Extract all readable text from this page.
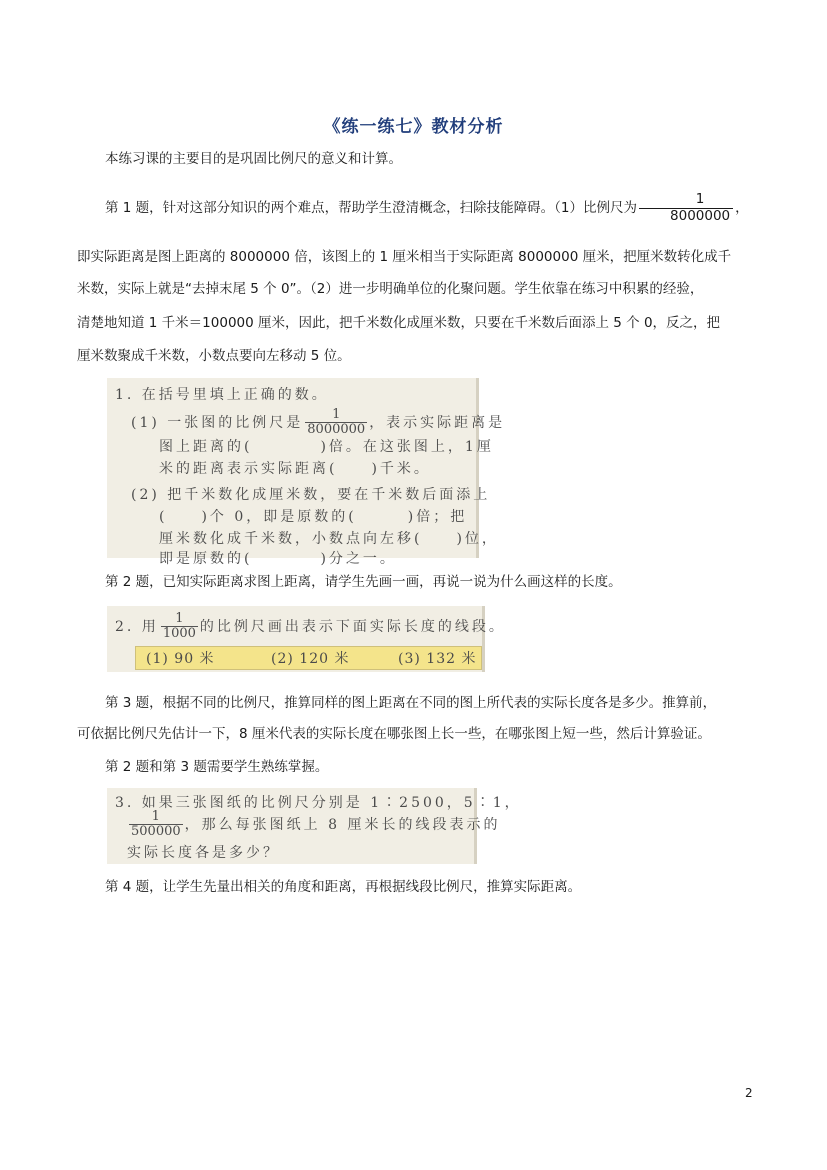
《练一练七》教材分析

本练习课的主要目的是巩固比例尺的意义和计算。

第 1 题，针对这部分知识的两个难点，帮助学生澄清概念，扫除技能障碍。（1）比例尺为 $\frac{1}{8000000}$ ，

即实际距离是图上距离的 8000000 倍，该图上的 1 厘米相当于实际距离 8000000 厘米，把厘米数转化成千

米数，实际上就是“去掉末尾 5 个 0”。（2）进一步明确单位的化聚问题。学生依靠在练习中积累的经验，

清楚地知道 1 千米＝100000 厘米，因此，把千米数化成厘米数，只要在千米数后面添上 5 个 0，反之，把

厘米数聚成千米数，小数点要向左移动 5 位。

1. 在括号里填上正确的数。
(1) 一张图的比例尺是 $\frac{1}{8000000}$ ，表示实际距离是
图上距离的(　　　　)倍。在这张图上，1厘
米的距离表示实际距离(　　)千米。
(2) 把千米数化成厘米数，要在千米数后面添上
(　　)个 0，即是原数的(　　　)倍；把
厘米数化成千米数，小数点向左移(　　)位，
即是原数的(　　　　)分之一。

第 2 题，已知实际距离求图上距离，请学生先画一画，再说一说为什么画这样的长度。

2. 用 $\frac{1}{1000}$ 的比例尺画出表示下面实际长度的线段。
(1) 90 米	(2) 120 米	(3) 132 米

第 3 题，根据不同的比例尺，推算同样的图上距离在不同的图上所代表的实际长度各是多少。推算前，

可依据比例尺先估计一下，8 厘米代表的实际长度在哪张图上长一些，在哪张图上短一些，然后计算验证。

第 2 题和第 3 题需要学生熟练掌握。

3. 如果三张图纸的比例尺分别是 1∶2500，5∶1，
$\frac{1}{500000}$ ，那么每张图纸上 8 厘米长的线段表示的
实际长度各是多少？

第 4 题，让学生先量出相关的角度和距离，再根据线段比例尺，推算实际距离。

2
